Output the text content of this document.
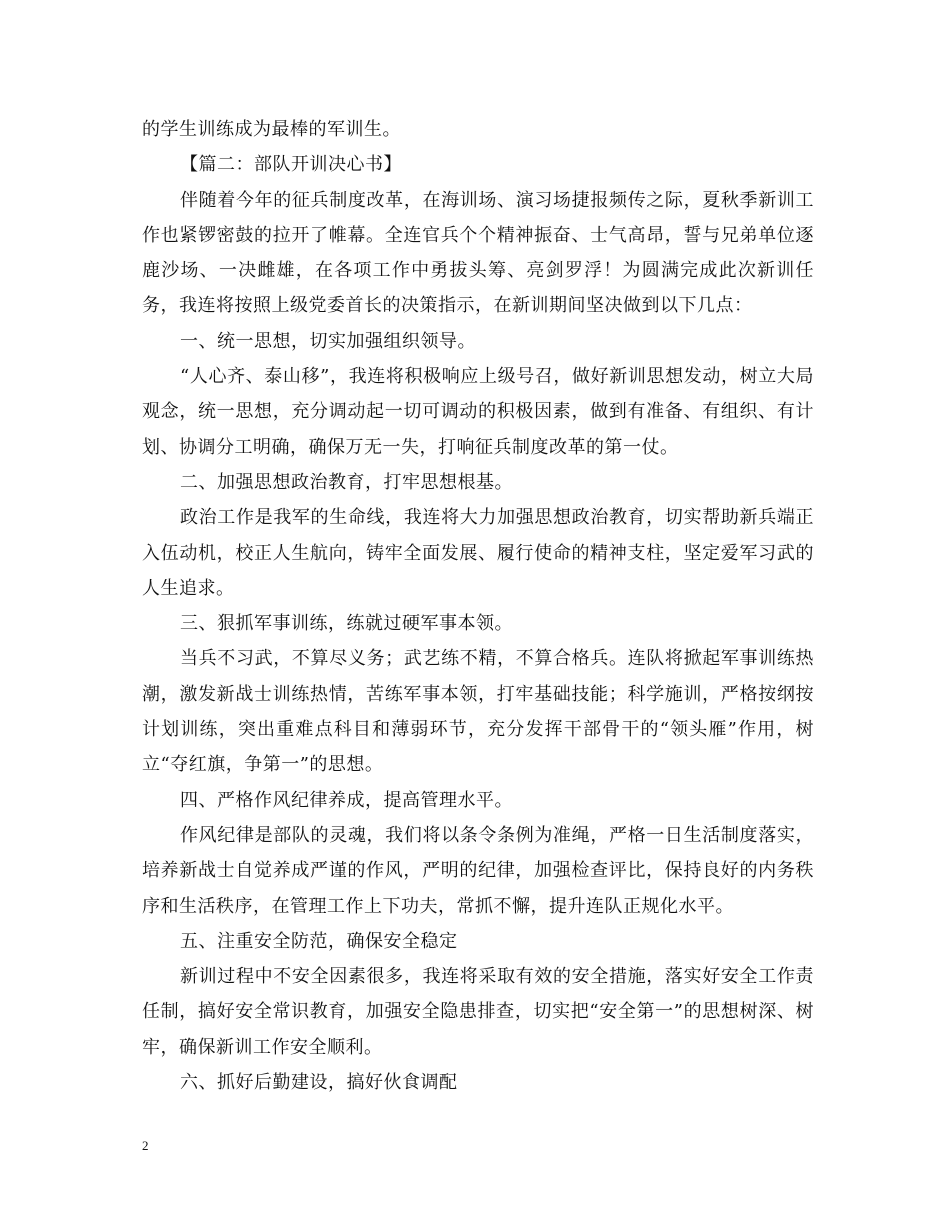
的学生训练成为最棒的军训生。

【篇二：部队开训决心书】

伴随着今年的征兵制度改革，在海训场、演习场捷报频传之际，夏秋季新训工作也紧锣密鼓的拉开了帷幕。全连官兵个个精神振奋、士气高昂，誓与兄弟单位逐鹿沙场、一决雌雄，在各项工作中勇拔头筹、亮剑罗浮！为圆满完成此次新训任务，我连将按照上级党委首长的决策指示，在新训期间坚决做到以下几点：

一、统一思想，切实加强组织领导。

“人心齐、泰山移”，我连将积极响应上级号召，做好新训思想发动，树立大局观念，统一思想，充分调动起一切可调动的积极因素，做到有准备、有组织、有计划、协调分工明确，确保万无一失，打响征兵制度改革的第一仗。

二、加强思想政治教育，打牢思想根基。

政治工作是我军的生命线，我连将大力加强思想政治教育，切实帮助新兵端正入伍动机，校正人生航向，铸牢全面发展、履行使命的精神支柱，坚定爱军习武的人生追求。

三、狠抓军事训练，练就过硬军事本领。

当兵不习武，不算尽义务；武艺练不精，不算合格兵。连队将掀起军事训练热潮，激发新战士训练热情，苦练军事本领，打牢基础技能；科学施训，严格按纲按计划训练，突出重难点科目和薄弱环节，充分发挥干部骨干的“领头雁”作用，树立“夺红旗，争第一”的思想。

四、严格作风纪律养成，提高管理水平。

作风纪律是部队的灵魂，我们将以条令条例为准绳，严格一日生活制度落实，培养新战士自觉养成严谨的作风，严明的纪律，加强检查评比，保持良好的内务秩序和生活秩序，在管理工作上下功夫，常抓不懈，提升连队正规化水平。

五、注重安全防范，确保安全稳定

新训过程中不安全因素很多，我连将采取有效的安全措施，落实好安全工作责任制，搞好安全常识教育，加强安全隐患排查，切实把“安全第一”的思想树深、树牢，确保新训工作安全顺利。

六、抓好后勤建设，搞好伙食调配

2
